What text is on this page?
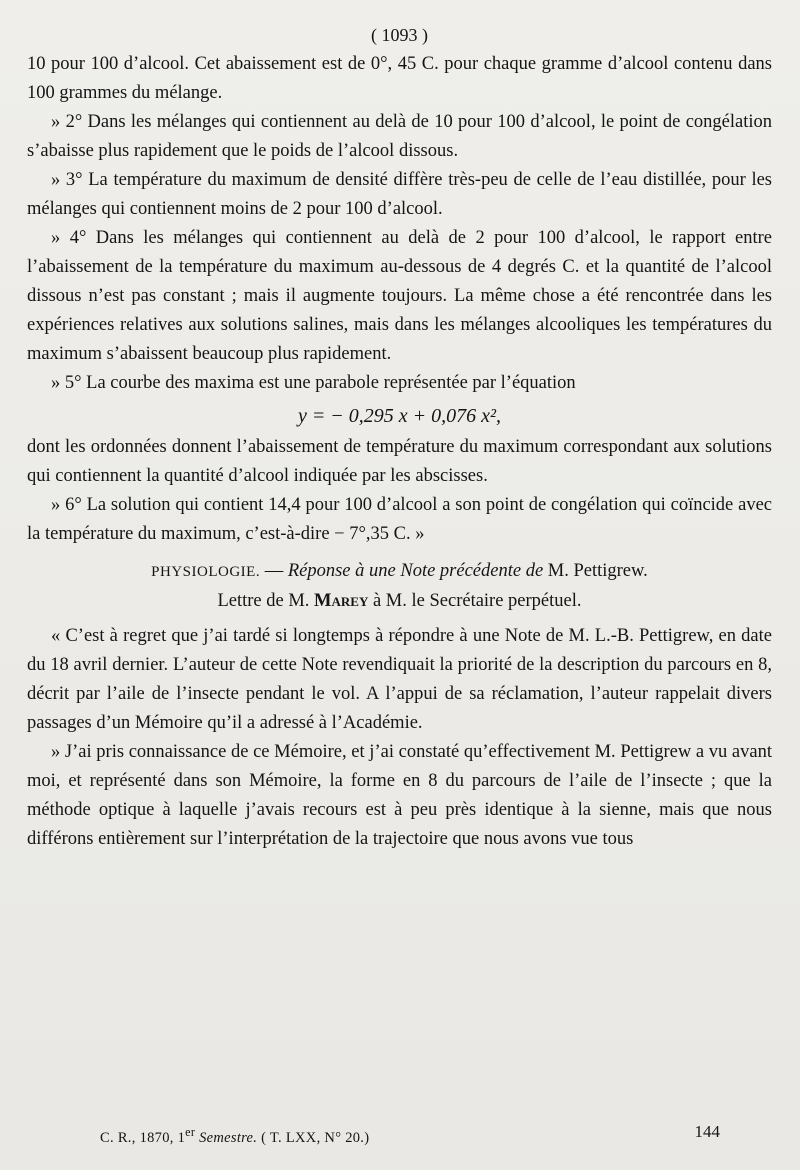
( 1093 )

10 pour 100 d’alcool. Cet abaissement est de 0°, 45 C. pour chaque gramme d’alcool contenu dans 100 grammes du mélange.

» 2° Dans les mélanges qui contiennent au delà de 10 pour 100 d’alcool, le point de congélation s’abaisse plus rapidement que le poids de l’alcool dissous.

» 3° La température du maximum de densité diffère très-peu de celle de l’eau distillée, pour les mélanges qui contiennent moins de 2 pour 100 d’alcool.

» 4° Dans les mélanges qui contiennent au delà de 2 pour 100 d’alcool, le rapport entre l’abaissement de la température du maximum au-dessous de 4 degrés C. et la quantité de l’alcool dissous n’est pas constant ; mais il augmente toujours. La même chose a été rencontrée dans les expériences relatives aux solutions salines, mais dans les mélanges alcooliques les températures du maximum s’abaissent beaucoup plus rapidement.

» 5° La courbe des maxima est une parabole représentée par l’équation

y = − 0,295 x + 0,076 x²,

dont les ordonnées donnent l’abaissement de température du maximum correspondant aux solutions qui contiennent la quantité d’alcool indiquée par les abscisses.

» 6° La solution qui contient 14,4 pour 100 d’alcool a son point de congélation qui coïncide avec la température du maximum, c’est-à-dire − 7°,35 C. »

PHYSIOLOGIE. — Réponse à une Note précédente de M. Pettigrew.
Lettre de M. Marey à M. le Secrétaire perpétuel.

« C’est à regret que j’ai tardé si longtemps à répondre à une Note de M. L.-B. Pettigrew, en date du 18 avril dernier. L’auteur de cette Note revendiquait la priorité de la description du parcours en 8, décrit par l’aile de l’insecte pendant le vol. A l’appui de sa réclamation, l’auteur rappelait divers passages d’un Mémoire qu’il a adressé à l’Académie.

» J’ai pris connaissance de ce Mémoire, et j’ai constaté qu’effectivement M. Pettigrew a vu avant moi, et représenté dans son Mémoire, la forme en 8 du parcours de l’aile de l’insecte ; que la méthode optique à laquelle j’avais recours est à peu près identique à la sienne, mais que nous différons entièrement sur l’interprétation de la trajectoire que nous avons vue tous

C. R., 1870, 1er Semestre. ( T. LXX, N° 20.)	144
